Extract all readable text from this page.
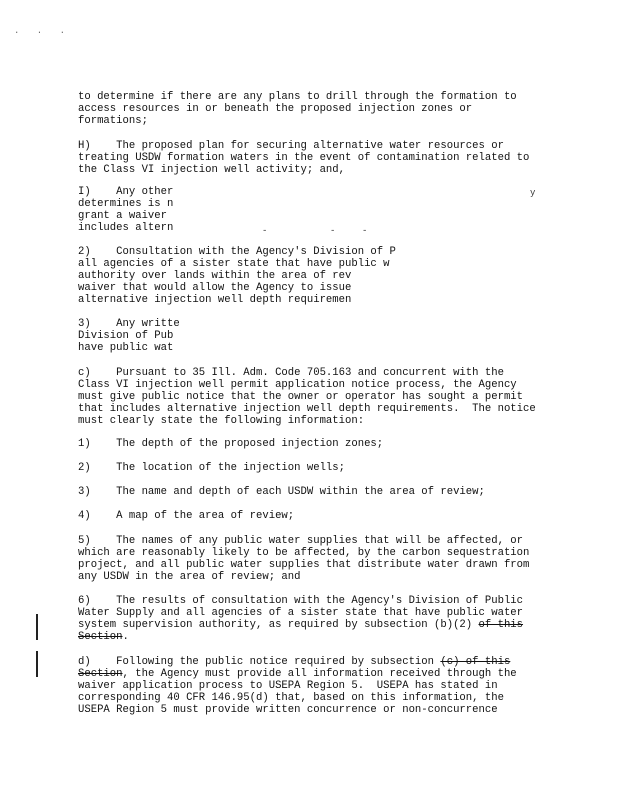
. . .
to determine if there are any plans to drill through the formation to
access resources in or beneath the proposed injection zones or
formations;
H)    The proposed plan for securing alternative water resources or
treating USDW formation waters in the event of contamination related to
the Class VI injection well activity; and,
I)    Any other
determines is n
grant a waiver
includes altern
y
-	-	-
2)    Consultation with the Agency's Division of P
all agencies of a sister state that have public w
authority over lands within the area of rev
waiver that would allow the Agency to issue
alternative injection well depth requiremen
3)    Any writte
Division of Pub
have public wat
c)    Pursuant to 35 Ill. Adm. Code 705.163 and concurrent with the
Class VI injection well permit application notice process, the Agency
must give public notice that the owner or operator has sought a permit
that includes alternative injection well depth requirements.  The notice
must clearly state the following information:
1)    The depth of the proposed injection zones;
2)    The location of the injection wells;
3)    The name and depth of each USDW within the area of review;
4)    A map of the area of review;
5)    The names of any public water supplies that will be affected, or
which are reasonably likely to be affected, by the carbon sequestration
project, and all public water supplies that distribute water drawn from
any USDW in the area of review; and
6)    The results of consultation with the Agency's Division of Public
Water Supply and all agencies of a sister state that have public water
system supervision authority, as required by subsection (b)(2) of this
Section.
d)    Following the public notice required by subsection (c) of this
Section, the Agency must provide all information received through the
waiver application process to USEPA Region 5.  USEPA has stated in
corresponding 40 CFR 146.95(d) that, based on this information, the
USEPA Region 5 must provide written concurrence or non-concurrence
